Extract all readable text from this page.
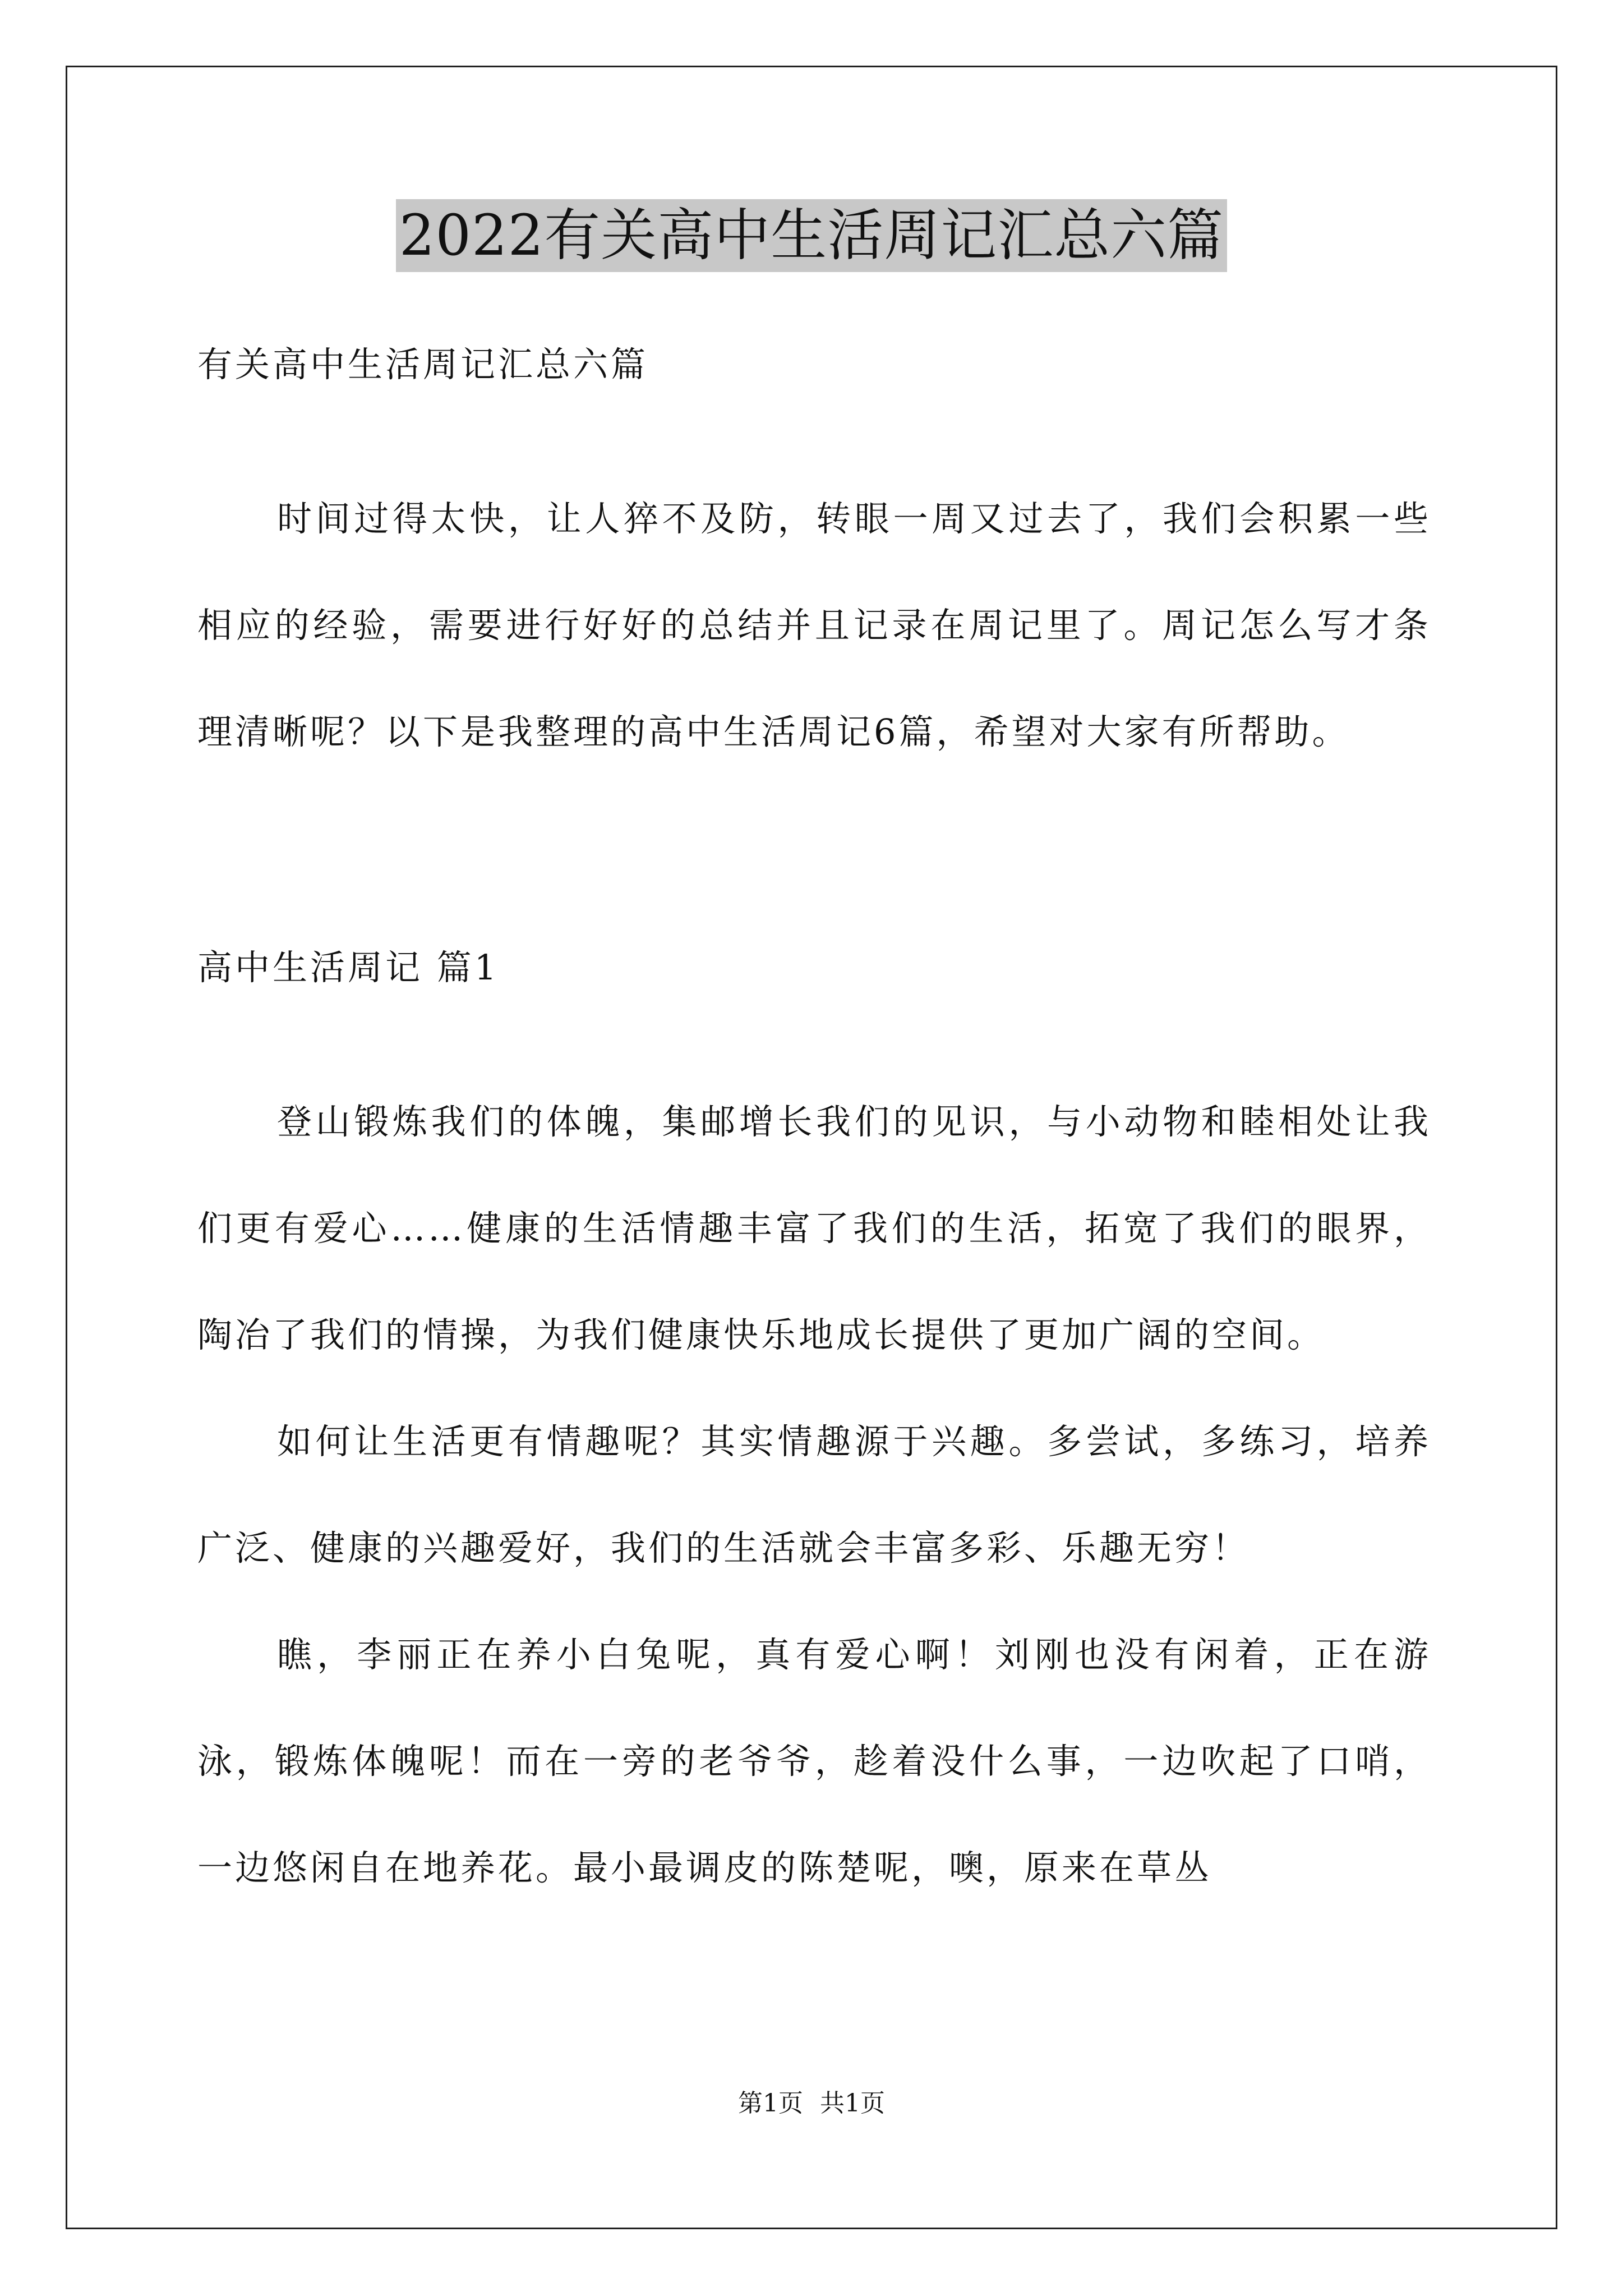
2022有关高中生活周记汇总六篇

有关高中生活周记汇总六篇

时间过得太快，让人猝不及防，转眼一周又过去了，我们会积累一些相应的经验，需要进行好好的总结并且记录在周记里了。周记怎么写才条理清晰呢？以下是我整理的高中生活周记6篇，希望对大家有所帮助。

高中生活周记 篇1

登山锻炼我们的体魄，集邮增长我们的见识，与小动物和睦相处让我们更有爱心……健康的生活情趣丰富了我们的生活，拓宽了我们的眼界，陶冶了我们的情操，为我们健康快乐地成长提供了更加广阔的空间。

如何让生活更有情趣呢？其实情趣源于兴趣。多尝试，多练习，培养广泛、健康的兴趣爱好，我们的生活就会丰富多彩、乐趣无穷！

瞧，李丽正在养小白兔呢，真有爱心啊！刘刚也没有闲着，正在游泳，锻炼体魄呢！而在一旁的老爷爷，趁着没什么事，一边吹起了口哨，一边悠闲自在地养花。最小最调皮的陈楚呢，噢，原来在草丛

第1页 共1页
